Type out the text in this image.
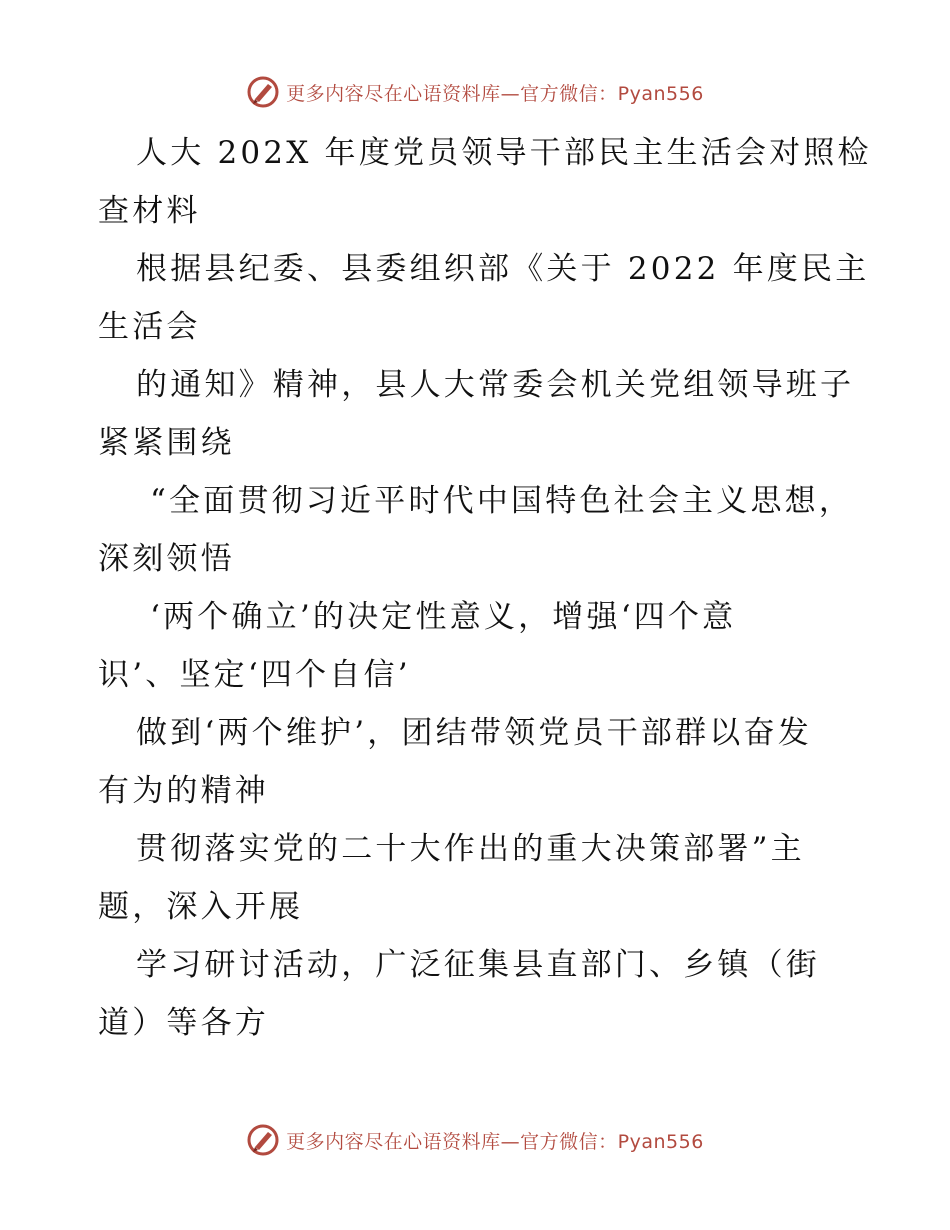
更多内容尽在心语资料库—官方微信：Pyan556
人大 202X 年度党员领导干部民主生活会对照检
查材料
根据县纪委、县委组织部《关于 2022 年度民主
生活会
的通知》精神，县人大常委会机关党组领导班子
紧紧围绕
“全面贯彻习近平时代中国特色社会主义思想，
深刻领悟
‘两个确立’的决定性意义，增强‘四个意
识’、坚定‘四个自信’
做到‘两个维护’，团结带领党员干部群以奋发
有为的精神
贯彻落实党的二十大作出的重大决策部署”主
题，深入开展
学习研讨活动，广泛征集县直部门、乡镇（街
道）等各方
更多内容尽在心语资料库—官方微信：Pyan556
